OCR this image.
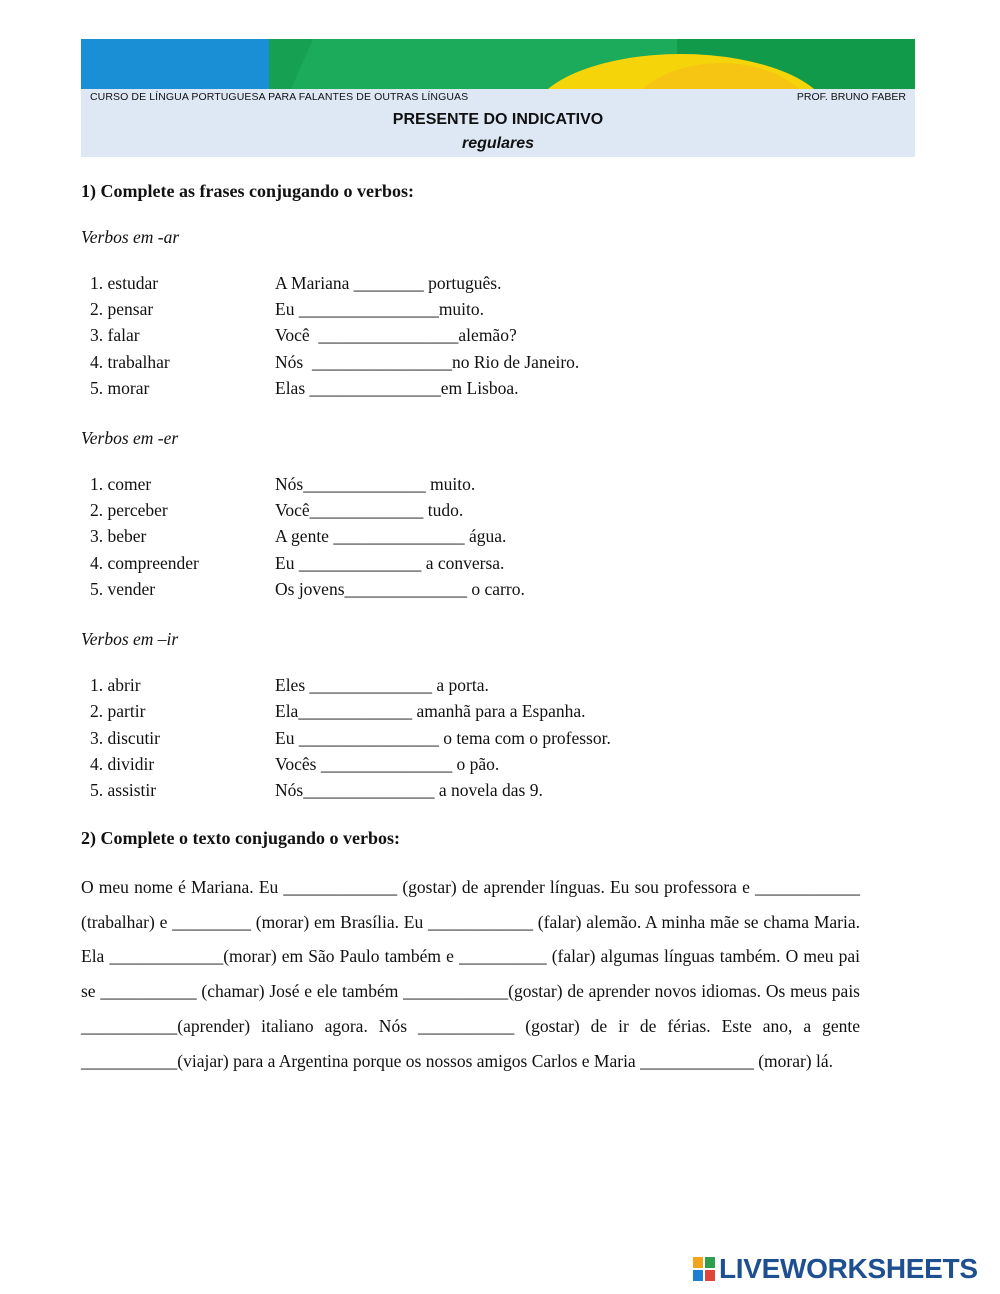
CURSO DE LÍNGUA PORTUGUESA PARA FALANTES DE OUTRAS LÍNGUAS	PROF. BRUNO FABER
PRESENTE DO INDICATIVO
regulares
1) Complete as frases conjugando o verbos:
Verbos em -ar
1. estudar	A Mariana ________ português.
2. pensar	Eu ________________muito.
3. falar	Você  ________________alemão?
4. trabalhar	Nós  ________________no Rio de Janeiro.
5. morar	Elas _______________em Lisboa.
Verbos em -er
1. comer	Nós______________ muito.
2. perceber	Você_____________ tudo.
3. beber	A gente _______________ água.
4. compreender	Eu ______________ a conversa.
5. vender	Os jovens______________ o carro.
Verbos em –ir
1. abrir	Eles ______________ a porta.
2. partir	Ela_____________ amanhã para a Espanha.
3. discutir	Eu ________________ o tema com o professor.
4. dividir	Vocês _______________ o pão.
5. assistir	Nós_______________ a novela das 9.
2) Complete o texto conjugando o verbos:
O meu nome é Mariana. Eu _____________ (gostar) de aprender línguas. Eu sou professora e ____________ (trabalhar) e _________ (morar) em Brasília. Eu ____________ (falar) alemão. A minha mãe se chama Maria. Ela _____________(morar) em São Paulo também e __________ (falar) algumas línguas também. O meu pai se ___________ (chamar) José e ele também ____________(gostar) de aprender novos idiomas. Os meus pais ___________(aprender) italiano agora. Nós ___________ (gostar) de ir de férias. Este ano, a gente ___________(viajar) para a Argentina porque os nossos amigos Carlos e Maria _____________ (morar) lá.
LIVEWORKSHEETS
